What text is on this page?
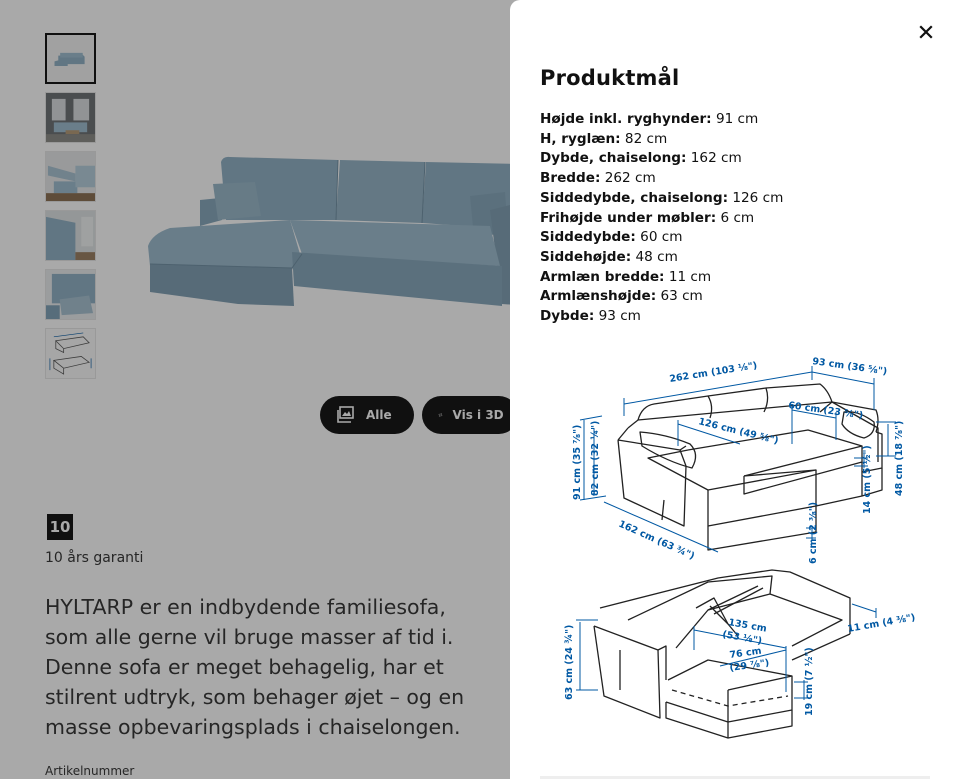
Alle	Vis i 3D
10
10 års garanti

HYLTARP er en indbydende familiesofa, som alle gerne vil bruge masser af tid i. Denne sofa er meget behagelig, har et stilrent udtryk, som behager øjet – og en masse opbevaringsplads i chaiselongen.

Artikelnummer
Produktmål
Højde inkl. ryghynder: 91 cm
H, ryglæn: 82 cm
Dybde, chaiselong: 162 cm
Bredde: 262 cm
Siddedybde, chaiselong: 126 cm
Frihøjde under møbler: 6 cm
Siddedybde: 60 cm
Siddehøjde: 48 cm
Armlæn bredde: 11 cm
Armlænshøjde: 63 cm
Dybde: 93 cm
262 cm (103 ⅛")	93 cm (36 ⅝")
60 cm (23 ⅝")
126 cm (49 ⅝")
91 cm (35 ⅞") 82 cm (32 ¼")
162 cm (63 ¾")	6 cm (2 ⅜")
14 cm (5 ½") 48 cm (18 ⅞")
11 cm (4 ⅜")
63 cm (24 ¾")	135 cm
(53 ⅛")
76 cm
(29 ⅞")	19 cm (7 ½")
